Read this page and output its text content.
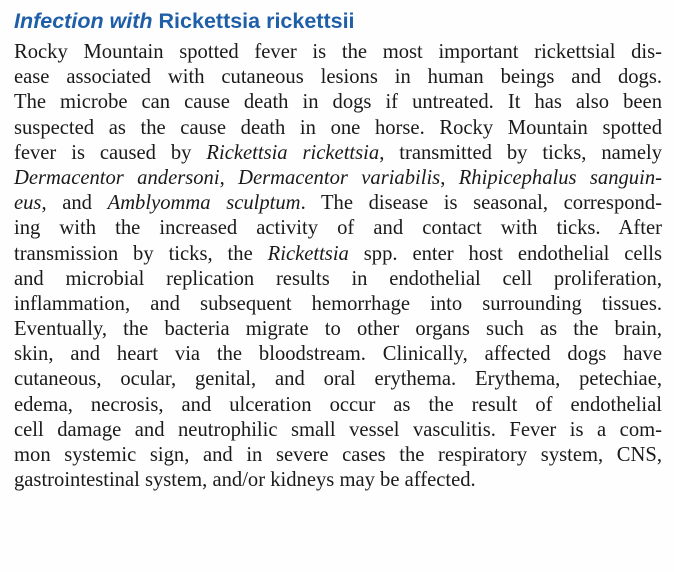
Infection with Rickettsia rickettsii
Rocky Mountain spotted fever is the most important rickettsial dis-
ease associated with cutaneous lesions in human beings and dogs.
The microbe can cause death in dogs if untreated. It has also been
suspected as the cause death in one horse. Rocky Mountain spotted
fever is caused by Rickettsia rickettsia, transmitted by ticks, namely
Dermacentor andersoni, Dermacentor variabilis, Rhipicephalus sanguin-
eus, and Amblyomma sculptum. The disease is seasonal, correspond-
ing with the increased activity of and contact with ticks. After
transmission by ticks, the Rickettsia spp. enter host endothelial cells
and microbial replication results in endothelial cell proliferation,
inflammation, and subsequent hemorrhage into surrounding tissues.
Eventually, the bacteria migrate to other organs such as the brain,
skin, and heart via the bloodstream. Clinically, affected dogs have
cutaneous, ocular, genital, and oral erythema. Erythema, petechiae,
edema, necrosis, and ulceration occur as the result of endothelial
cell damage and neutrophilic small vessel vasculitis. Fever is a com-
mon systemic sign, and in severe cases the respiratory system, CNS,
gastrointestinal system, and/or kidneys may be affected.
